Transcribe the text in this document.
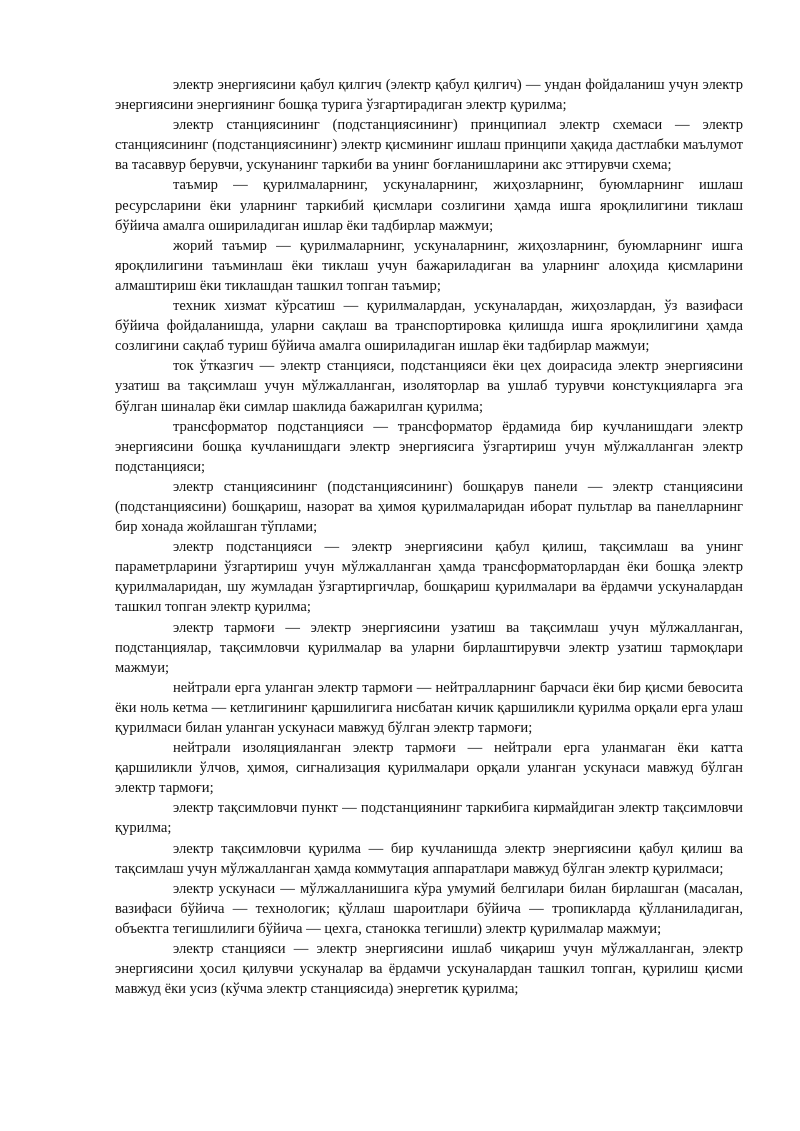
электр энергиясини қабул қилгич (электр қабул қилгич) — ундан фойдаланиш учун электр энергиясини энергиянинг бошқа турига ўзгартирадиган электр қурилма;

электр станциясининг (подстанциясининг) принципиал электр схемаси — электр станциясининг (подстанциясининг) электр қисмининг ишлаш принципи ҳақида дастлабки маълумот ва тасаввур берувчи, ускунанинг таркиби ва унинг боғланишларини акс эттирувчи схема;

таъмир — қурилмаларнинг, ускуналарнинг, жиҳозларнинг, буюмларнинг ишлаш ресурсларини ёки уларнинг таркибий қисмлари созлигини ҳамда ишга яроқлилигини тиклаш бўйича амалга ошириладиган ишлар ёки тадбирлар мажмуи;

жорий таъмир — қурилмаларнинг, ускуналарнинг, жиҳозларнинг, буюмларнинг ишга яроқлилигини таъминлаш ёки тиклаш учун бажариладиган ва уларнинг алоҳида қисмларини алмаштириш ёки тиклашдан ташкил топган таъмир;

техник хизмат кўрсатиш — қурилмалардан, ускуналардан, жиҳозлардан, ўз вазифаси бўйича фойдаланишда, уларни сақлаш ва транспортировка қилишда ишга яроқлилигини ҳамда созлигини сақлаб туриш бўйича амалга ошириладиган ишлар ёки тадбирлар мажмуи;

ток ўтказгич — электр станцияси, подстанцияси ёки цех доирасида электр энергиясини узатиш ва тақсимлаш учун мўлжалланган, изоляторлар ва ушлаб турувчи констукцияларга эга бўлган шиналар ёки симлар шаклида бажарилган қурилма;

трансформатор подстанцияси — трансформатор ёрдамида бир кучланишдаги электр энергиясини бошқа кучланишдаги электр энергиясига ўзгартириш учун мўлжалланган электр подстанцияси;

электр станциясининг (подстанциясининг) бошқарув панели — электр станциясини (подстанциясини) бошқариш, назорат ва ҳимоя қурилмаларидан иборат пультлар ва панелларнинг бир хонада жойлашган тўплами;

электр подстанцияси — электр энергиясини қабул қилиш, тақсимлаш ва унинг параметрларини ўзгартириш учун мўлжалланган ҳамда трансформаторлардан ёки бошқа электр қурилмаларидан, шу жумладан ўзгартиргичлар, бошқариш қурилмалари ва ёрдамчи ускуналардан ташкил топган электр қурилма;

электр тармоғи — электр энергиясини узатиш ва тақсимлаш учун мўлжалланган, подстанциялар, тақсимловчи қурилмалар ва уларни бирлаштирувчи электр узатиш тармоқлари мажмуи;

нейтрали ерга уланган электр тармоғи — нейтралларнинг барчаси ёки бир қисми бевосита ёки ноль кетма — кетлигининг қаршилигига нисбатан кичик қаршиликли қурилма орқали ерга улаш қурилмаси билан уланган ускунаси мавжуд бўлган электр тармоғи;

нейтрали изоляцияланган электр тармоғи — нейтрали ерга уланмаган ёки катта қаршиликли ўлчов, ҳимоя, сигнализация қурилмалари орқали уланган ускунаси мавжуд бўлган электр тармоғи;

электр тақсимловчи пункт — подстанциянинг таркибига кирмайдиган электр тақсимловчи қурилма;

электр тақсимловчи қурилма — бир кучланишда электр энергиясини қабул қилиш ва тақсимлаш учун мўлжалланган ҳамда коммутация аппаратлари мавжуд бўлган электр қурилмаси;

электр ускунаси — мўлжалланишига кўра умумий белгилари билан бирлашган (масалан, вазифаси бўйича — технологик; қўллаш шароитлари бўйича — тропикларда қўлланиладиган, объектга тегишлилиги бўйича — цехга, станокка тегишли) электр қурилмалар мажмуи;

электр станцияси — электр энергиясини ишлаб чиқариш учун мўлжалланган, электр энергиясини ҳосил қилувчи ускуналар ва ёрдамчи ускуналардан ташкил топган, қурилиш қисми мавжуд ёки усиз (кўчма электр станциясида) энергетик қурилма;
